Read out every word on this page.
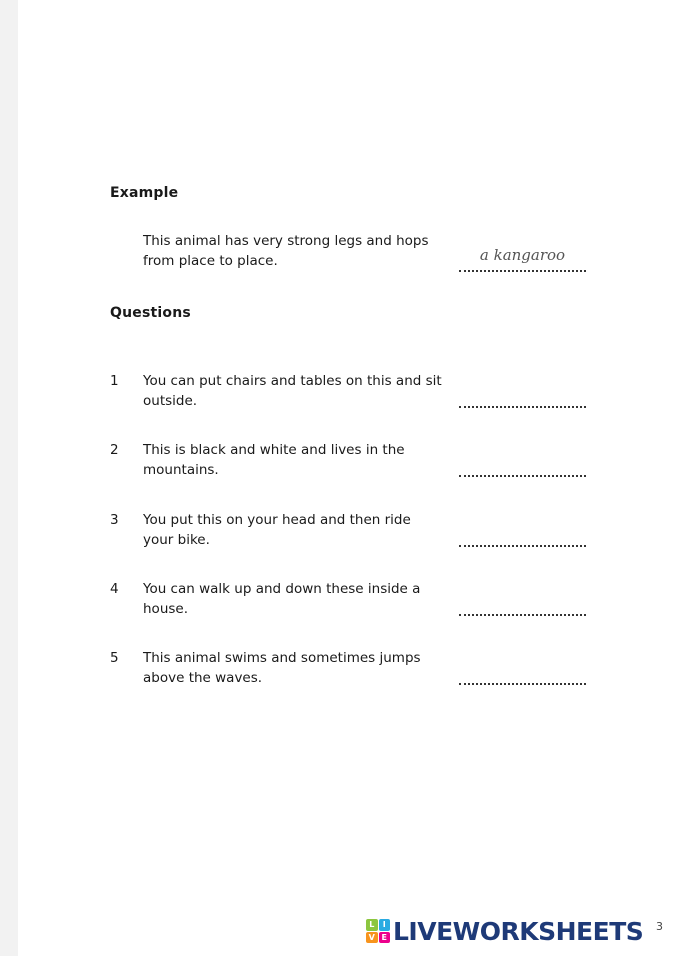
Example
This animal has very strong legs and hops
from place to place.	a kangaroo
Questions
1 You can put chairs and tables on this and sit
outside.
2 This is black and white and lives in the
mountains.
3 You put this on your head and then ride
your bike.
4 You can walk up and down these inside a
house.
5 This animal swims and sometimes jumps
above the waves.
L	I
V E LIVEWORKSHEETS 3
